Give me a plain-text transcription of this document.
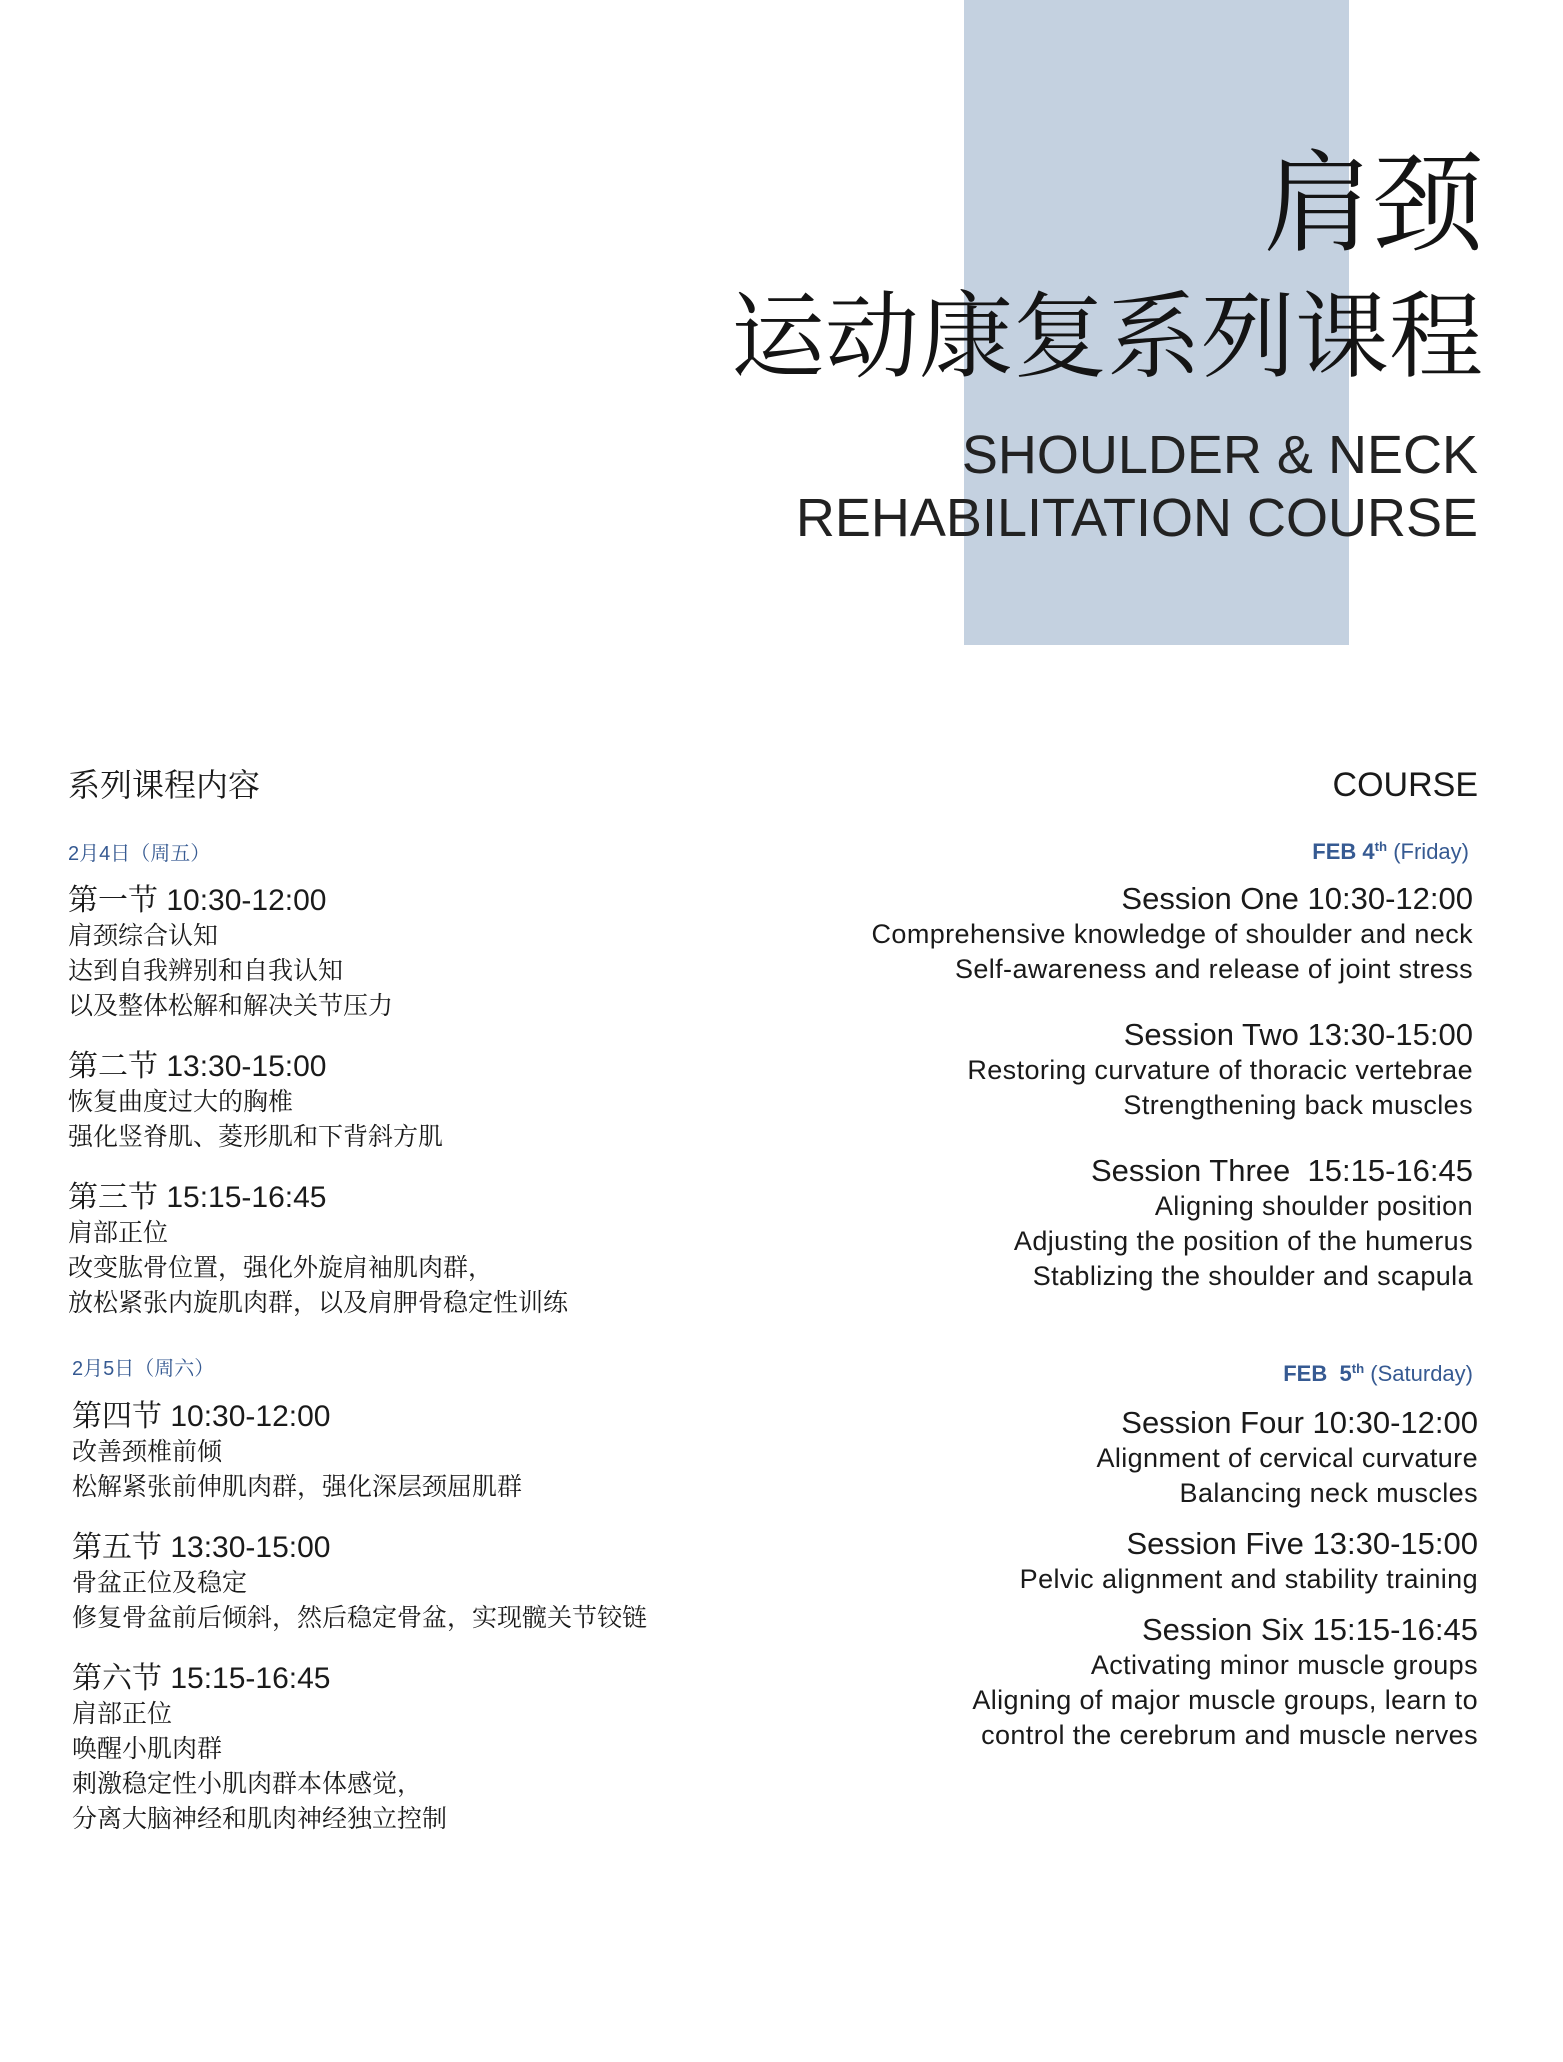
肩颈
运动康复系列课程
SHOULDER & NECK
REHABILITATION COURSE
系列课程内容	COURSE
2月4日（周五）
第一节 10:30-12:00
肩颈综合认知
达到自我辨别和自我认知
以及整体松解和解决关节压力
第二节 13:30-15:00
恢复曲度过大的胸椎
强化竖脊肌、菱形肌和下背斜方肌
第三节 15:15-16:45
肩部正位
改变肱骨位置，强化外旋肩袖肌肉群，
放松紧张内旋肌肉群，以及肩胛骨稳定性训练
2月5日（周六）
第四节 10:30-12:00
改善颈椎前倾
松解紧张前伸肌肉群，强化深层颈屈肌群
第五节 13:30-15:00
骨盆正位及稳定
修复骨盆前后倾斜，然后稳定骨盆，实现髋关节铰链
第六节 15:15-16:45
肩部正位
唤醒小肌肉群
刺激稳定性小肌肉群本体感觉，
分离大脑神经和肌肉神经独立控制
FEB 4th (Friday)
Session One 10:30-12:00
Comprehensive knowledge of shoulder and neck
Self-awareness and release of joint stress
Session Two 13:30-15:00
Restoring curvature of thoracic vertebrae
Strengthening back muscles
Session Three  15:15-16:45
Aligning shoulder position
Adjusting the position of the humerus
Stablizing the shoulder and scapula
FEB  5th (Saturday)
Session Four 10:30-12:00
Alignment of cervical curvature
Balancing neck muscles
Session Five 13:30-15:00
Pelvic alignment and stability training
Session Six 15:15-16:45
Activating minor muscle groups
Aligning of major muscle groups, learn to
control the cerebrum and muscle nerves
